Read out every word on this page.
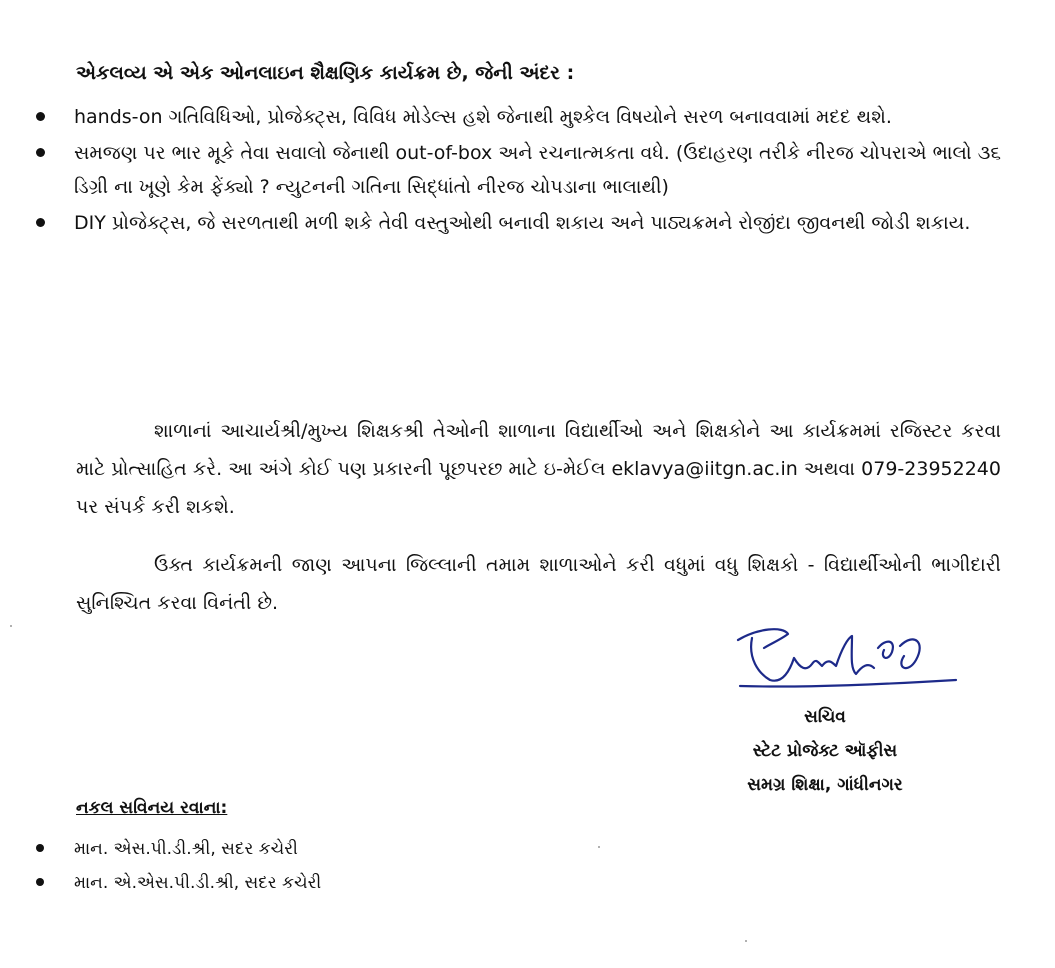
એકલવ્ય એ એક ઓનલાઇન શૈક્ષણિક કાર્યક્રમ છે, જેની અંદર :
hands-on ગતિવિધિઓ, પ્રોજેક્ટ્સ, વિવિધ મોડેલ્સ હશે જેનાથી મુશ્કેલ વિષયોને સરળ બનાવવામાં મદદ થશે.
સમજણ પર ભાર મૂકે તેવા સવાલો જેનાથી out-of-box અને રચનાત્મકતા વધે. (ઉદાહરણ તરીકે નીરજ ચોપરાએ ભાલો ૩૬ ડિગ્રી ના ખૂણે કેમ ફેંક્યો ? ન્યુટનની ગતિના સિદ્ધાંતો નીરજ ચોપડાના ભાલાથી)
DIY પ્રોજેક્ટ્સ, જે સરળતાથી મળી શકે તેવી વસ્તુઓથી બનાવી શકાય અને પાઠ્યક્રમને રોજીંદા જીવનથી જોડી શકાય.

શાળાનાં આચાર્યશ્રી/મુખ્ય શિક્ષકશ્રી તેઓની શાળાના વિદ્યાર્થીઓ અને શિક્ષકોને આ કાર્યક્રમમાં રજિસ્ટર કરવા માટે પ્રોત્સાહિત કરે. આ અંગે કોઈ પણ પ્રકારની પૂછપરછ માટે ઇ-મેઈલ eklavya@iitgn.ac.in અથવા 079-23952240 પર સંપર્ક કરી શકશે.

ઉક્ત કાર્યક્રમની જાણ આપના જિલ્લાની તમામ શાળાઓને કરી વધુમાં વધુ શિક્ષકો - વિદ્યાર્થીઓની ભાગીદારી સુનિશ્ચિત કરવા વિનંતી છે.

સચિવ
સ્ટેટ પ્રોજેક્ટ ઑફીસ
સમગ્ર શિક્ષા, ગાંધીનગર
નકલ સવિનય રવાના:
માન. એસ.પી.ડી.શ્રી, સદર કચેરી
માન. એ.એસ.પી.ડી.શ્રી, સદર કચેરી
